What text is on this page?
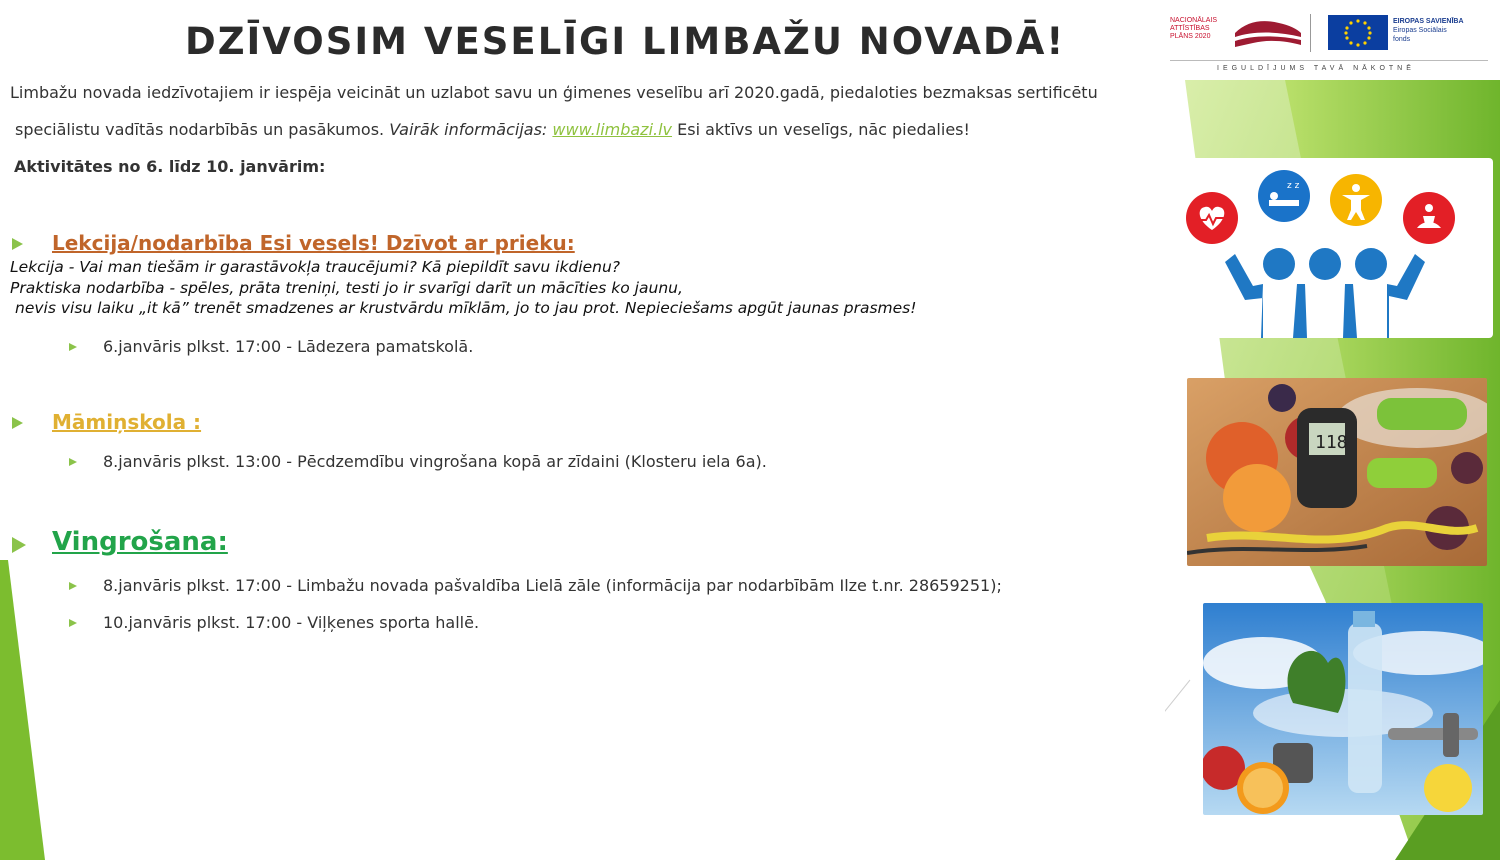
DZĪVOSIM VESELĪGI LIMBAŽU NOVADĀ!
Limbažu novada iedzīvotajiem ir iespēja veicināt un uzlabot savu un ģimenes veselību arī 2020.gadā, piedaloties bezmaksas sertificētu
speciālistu vadītās nodarbībās un pasākumos. Vairāk informācijas: www.limbazi.lv Esi aktīvs un veselīgs, nāc piedalies!
Aktivitātes no 6. līdz 10. janvārim:
Lekcija/nodarbība Esi vesels! Dzīvot ar prieku:
Lekcija - Vai man tiešām ir garastāvokļa traucējumi? Kā piepildīt savu ikdienu?
Praktiska nodarbība - spēles, prāta treniņi, testi jo ir svarīgi darīt un mācīties ko jaunu,
nevis visu laiku „it kā” trenēt smadzenes ar krustvārdu mīklām, jo to jau prot. Nepieciešams apgūt jaunas prasmes!
6.janvāris plkst. 17:00 - Lādezera pamatskolā.
Māmiņskola :
8.janvāris plkst. 13:00 - Pēcdzemdību vingrošana kopā ar zīdaini (Klosteru iela 6a).
Vingrošana:
8.janvāris plkst. 17:00 - Limbažu novada pašvaldība Lielā zāle (informācija par nodarbībām Ilze t.nr. 28659251);
10.janvāris plkst. 17:00 - Viļķenes sporta hallē.
NACIONĀLAIS
ATTĪSTĪBAS
PLĀNS 2020
EIROPAS SAVIENĪBA
Eiropas Sociālais
fonds
IEGULDĪJUMS TAVĀ NĀKOTNĒ
z z
118
